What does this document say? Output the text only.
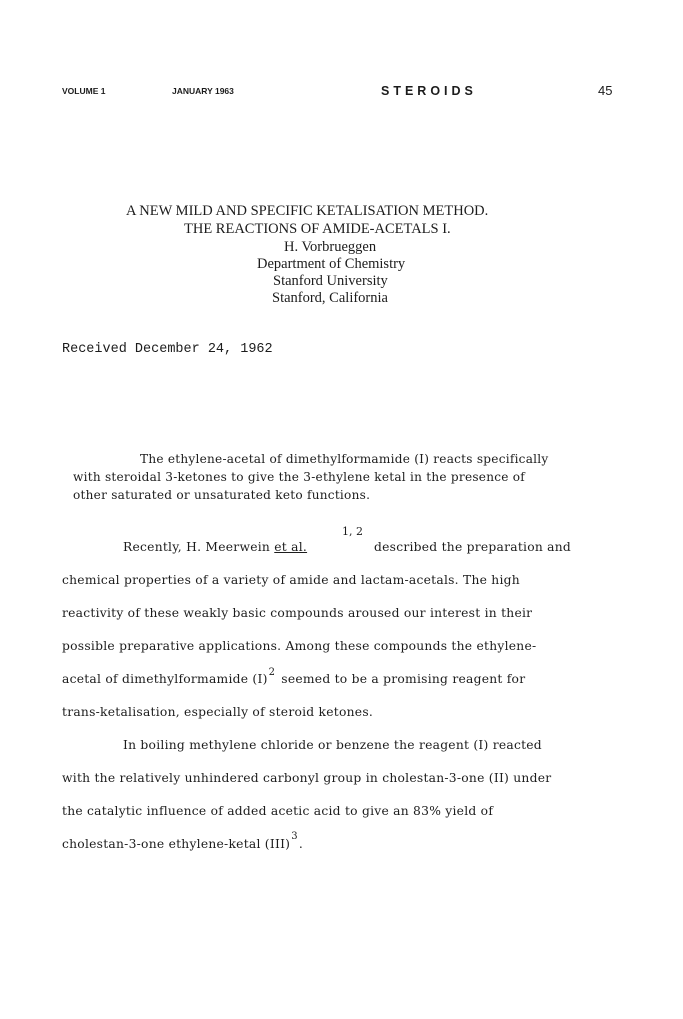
VOLUME 1	JANUARY 1963	STEROIDS	45
A NEW MILD AND SPECIFIC KETALISATION METHOD.
THE REACTIONS OF AMIDE-ACETALS I.
H. Vorbrueggen
Department of Chemistry
Stanford University
Stanford, California
Received December 24, 1962
The ethylene-acetal of dimethylformamide (I) reacts specifically
with steroidal 3-ketones to give the 3-ethylene ketal in the presence of
other saturated or unsaturated keto functions.
1, 2
Recently, H. Meerwein et al.	described the preparation and
chemical properties of a variety of amide and lactam-acetals. The high
reactivity of these weakly basic compounds aroused our interest in their
possible preparative applications. Among these compounds the ethylene-
acetal of dimethylformamide $(I)^2$ seemed to be a promising reagent for
trans-ketalisation, especially of steroid ketones.
In boiling methylene chloride or benzene the reagent (I) reacted
with the relatively unhindered carbonyl group in cholestan-3-one (II) under
the catalytic influence of added acetic acid to give an 83% yield of
cholestan-3-one ethylene-ketal (III)$^3$.
